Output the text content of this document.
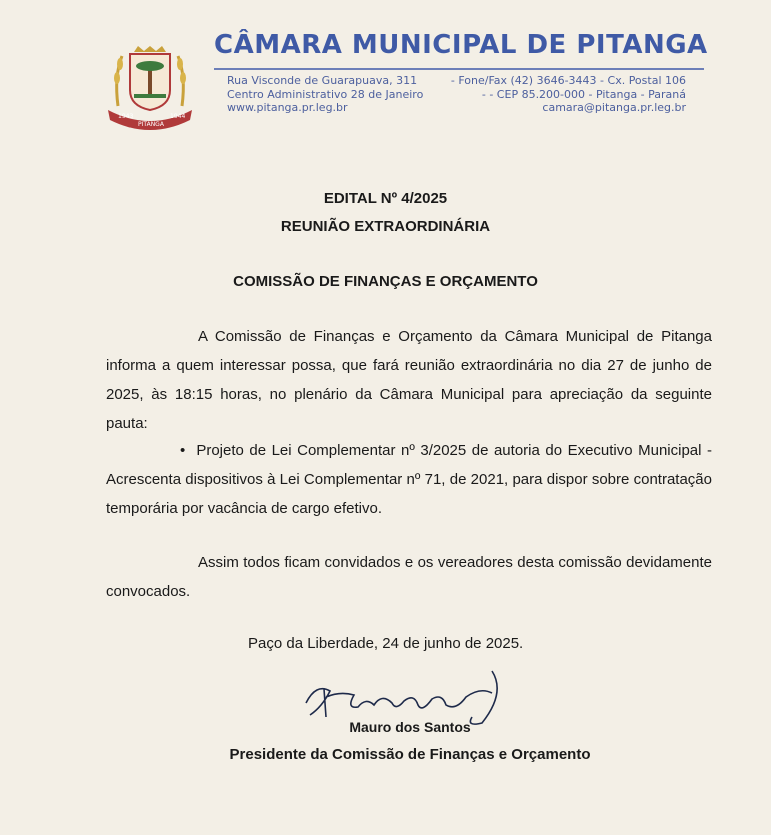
1943	1944
PITANGA
CÂMARA MUNICIPAL DE PITANGA
Rua Visconde de Guarapuava, 311
Centro Administrativo 28 de Janeiro
www.pitanga.pr.leg.br
- Fone/Fax (42) 3646-3443 - Cx. Postal 106
- - CEP 85.200-000 - Pitanga - Paraná
camara@pitanga.pr.leg.br
EDITAL Nº 4/2025
REUNIÃO EXTRAORDINÁRIA
COMISSÃO DE FINANÇAS E ORÇAMENTO
A Comissão de Finanças e Orçamento da Câmara Municipal de Pitanga informa a quem interessar possa, que fará reunião extraordinária no dia 27 de junho de 2025, às 18:15 horas, no plenário da Câmara Municipal para apreciação da seguinte pauta:
•  Projeto de Lei Complementar nº 3/2025 de autoria do Executivo Municipal - Acrescenta dispositivos à Lei Complementar nº 71, de 2021, para dispor sobre contratação temporária por vacância de cargo efetivo.
Assim todos ficam convidados e os vereadores desta comissão devidamente convocados.
Paço da Liberdade, 24 de junho de 2025.
Mauro dos Santos
Presidente da Comissão de Finanças e Orçamento
